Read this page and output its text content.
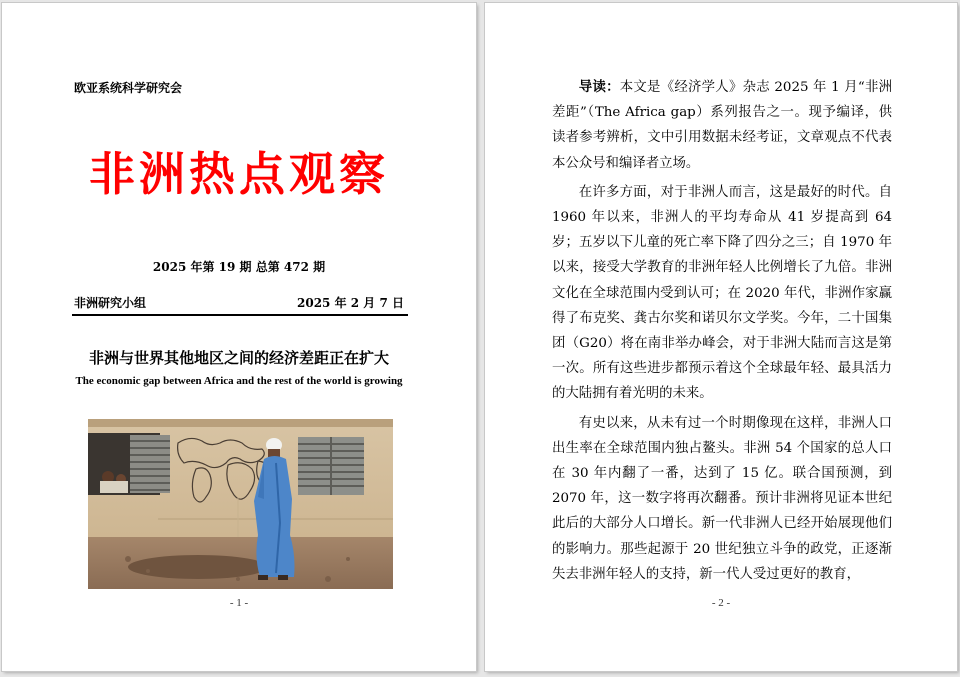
欧亚系统科学研究会
非洲热点观察
2025 年第 19 期 总第 472 期
非洲研究小组	2025 年 2 月 7 日
非洲与世界其他地区之间的经济差距正在扩大
The economic gap between Africa and the rest of the world is growing
- 1 -

导读：本文是《经济学人》杂志 2025 年 1 月“非洲差距”（The Africa gap）系列报告之一。现予编译，供读者参考辨析，文中引用数据未经考证，文章观点不代表本公众号和编译者立场。

在许多方面，对于非洲人而言，这是最好的时代。自 1960 年以来，非洲人的平均寿命从 41 岁提高到 64 岁；五岁以下儿童的死亡率下降了四分之三；自 1970 年以来，接受大学教育的非洲年轻人比例增长了九倍。非洲文化在全球范围内受到认可；在 2020 年代，非洲作家赢得了布克奖、龚古尔奖和诺贝尔文学奖。今年，二十国集团（G20）将在南非举办峰会，对于非洲大陆而言这是第一次。所有这些进步都预示着这个全球最年轻、最具活力的大陆拥有着光明的未来。

有史以来，从未有过一个时期像现在这样，非洲人口出生率在全球范围内独占鳌头。非洲 54 个国家的总人口在 30 年内翻了一番，达到了 15 亿。联合国预测，到 2070 年，这一数字将再次翻番。预计非洲将见证本世纪此后的大部分人口增长。新一代非洲人已经开始展现他们的影响力。那些起源于 20 世纪独立斗争的政党，正逐渐失去非洲年轻人的支持，新一代人受过更好的教育，

- 2 -
